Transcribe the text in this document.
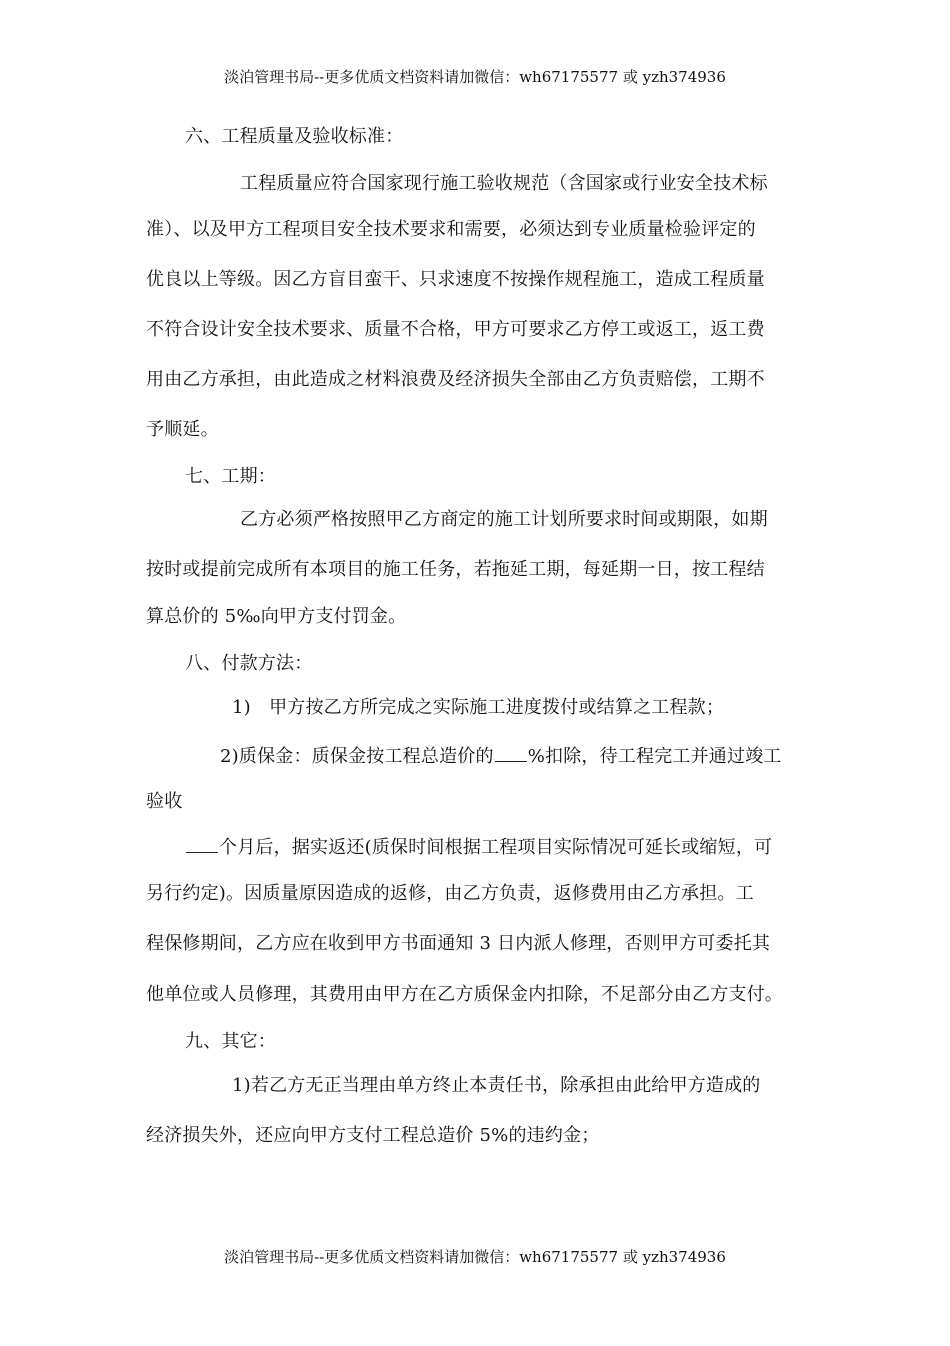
淡泊管理书局--更多优质文档资料请加微信：wh67175577 或 yzh374936
六、工程质量及验收标准：
工程质量应符合国家现行施工验收规范（含国家或行业安全技术标
准）、以及甲方工程项目安全技术要求和需要，必须达到专业质量检验评定的
优良以上等级。因乙方盲目蛮干、只求速度不按操作规程施工，造成工程质量
不符合设计安全技术要求、质量不合格，甲方可要求乙方停工或返工，返工费
用由乙方承担，由此造成之材料浪费及经济损失全部由乙方负责赔偿，工期不
予顺延。
七、工期：
乙方必须严格按照甲乙方商定的施工计划所要求时间或期限，如期
按时或提前完成所有本项目的施工任务，若拖延工期，每延期一日，按工程结
算总价的 5‰向甲方支付罚金。
八、付款方法：
1)　甲方按乙方所完成之实际施工进度拨付或结算之工程款；
2)质保金：质保金按工程总造价的 %扣除，待工程完工并通过竣工
验收
个月后，据实返还(质保时间根据工程项目实际情况可延长或缩短，可
另行约定)。因质量原因造成的返修，由乙方负责，返修费用由乙方承担。工
程保修期间，乙方应在收到甲方书面通知 3 日内派人修理，否则甲方可委托其
他单位或人员修理，其费用由甲方在乙方质保金内扣除，不足部分由乙方支付。
九、其它：
1)若乙方无正当理由单方终止本责任书，除承担由此给甲方造成的
经济损失外，还应向甲方支付工程总造价 5%的违约金；
淡泊管理书局--更多优质文档资料请加微信：wh67175577 或 yzh374936
